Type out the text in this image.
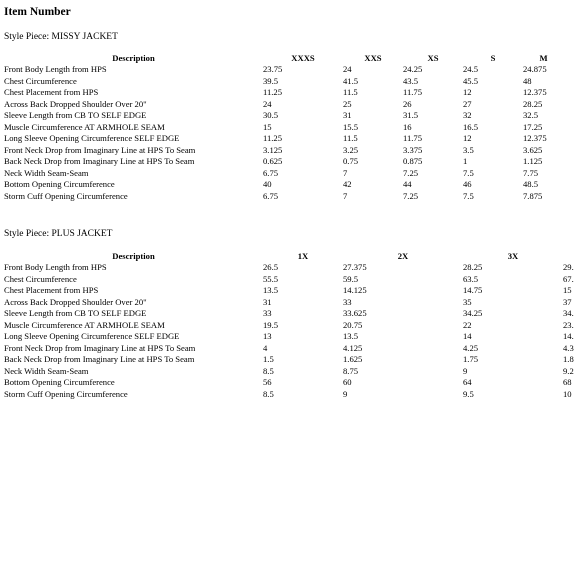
Item Number
Style Piece: MISSY JACKET
Description	XXXS	XXS	XS	S	M
Front Body Length from HPS	23.75	24	24.25	24.5	24.875
Chest Circumference	39.5	41.5	43.5	45.5	48
Chest Placement from HPS	11.25	11.5	11.75	12	12.375
Across Back Dropped Shoulder Over 20"	24	25	26	27	28.25
Sleeve Length from CB TO SELF EDGE	30.5	31	31.5	32	32.5
Muscle Circumference AT ARMHOLE SEAM	15	15.5	16	16.5	17.25
Long Sleeve Opening Circumference SELF EDGE	11.25	11.5	11.75	12	12.375
Front Neck Drop from Imaginary Line at HPS To Seam	3.125	3.25	3.375	3.5	3.625
Back Neck Drop from Imaginary Line at HPS To Seam	0.625	0.75	0.875	1	1.125
Neck Width Seam-Seam	6.75	7	7.25	7.5	7.75
Bottom Opening Circumference	40	42	44	46	48.5
Storm Cuff Opening Circumference	6.75	7	7.25	7.5	7.875
Style Piece: PLUS JACKET
Description	1X	2X	3X	
Front Body Length from HPS	26.5	27.375	28.25	29.
Chest Circumference	55.5	59.5	63.5	67.
Chest Placement from HPS	13.5	14.125	14.75	15
Across Back Dropped Shoulder Over 20"	31	33	35	37
Sleeve Length from CB TO SELF EDGE	33	33.625	34.25	34.
Muscle Circumference AT ARMHOLE SEAM	19.5	20.75	22	23.
Long Sleeve Opening Circumference SELF EDGE	13	13.5	14	14.
Front Neck Drop from Imaginary Line at HPS To Seam	4	4.125	4.25	4.3
Back Neck Drop from Imaginary Line at HPS To Seam	1.5	1.625	1.75	1.8
Neck Width Seam-Seam	8.5	8.75	9	9.2
Bottom Opening Circumference	56	60	64	68
Storm Cuff Opening Circumference	8.5	9	9.5	10
